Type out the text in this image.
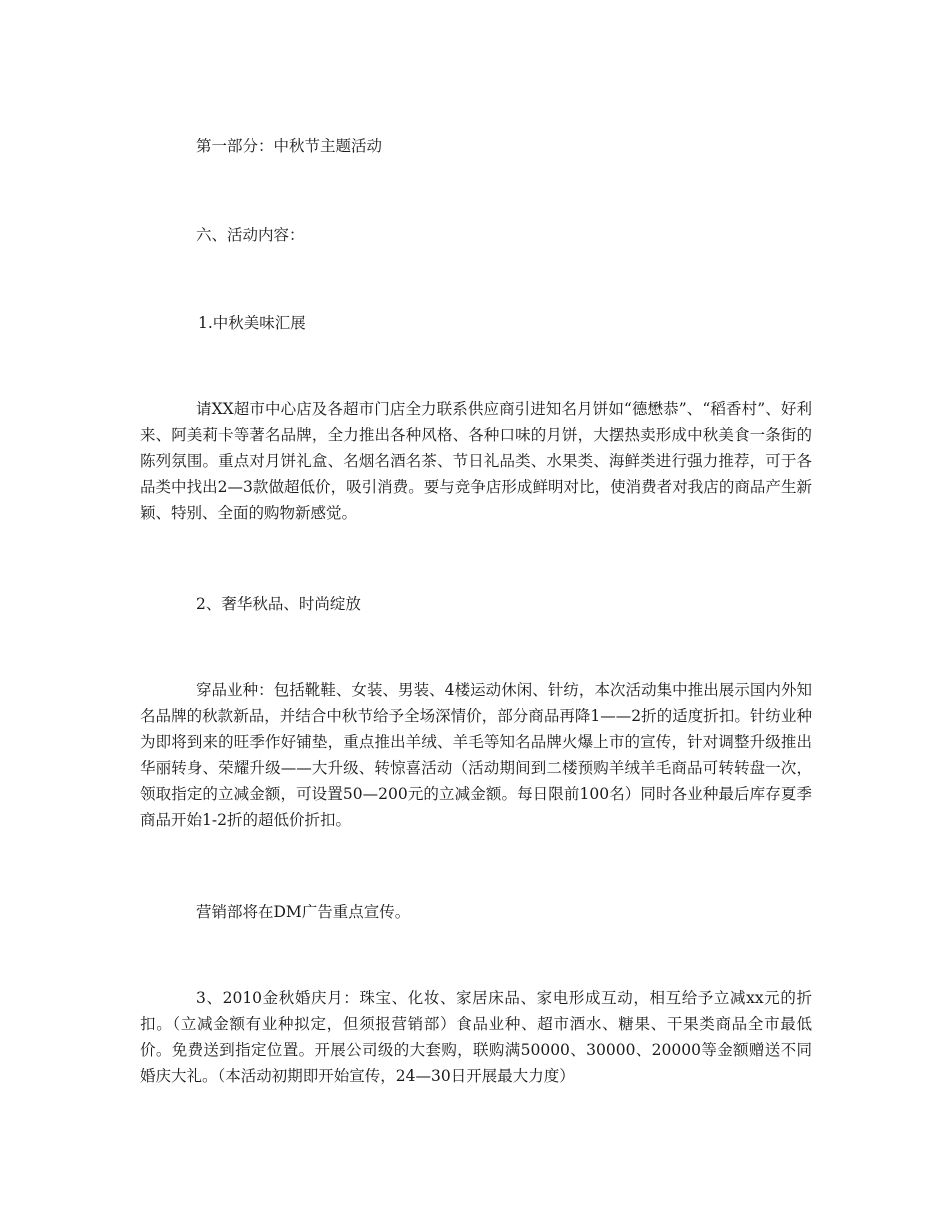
第一部分：中秋节主题活动

六、活动内容：

1.中秋美味汇展

请XX超市中心店及各超市门店全力联系供应商引进知名月饼如“德懋恭”、“稻香村”、好利来、阿美莉卡等著名品牌，全力推出各种风格、各种口味的月饼，大摆热卖形成中秋美食一条街的陈列氛围。重点对月饼礼盒、名烟名酒名茶、节日礼品类、水果类、海鲜类进行强力推荐，可于各品类中找出2—3款做超低价，吸引消费。要与竞争店形成鲜明对比，使消费者对我店的商品产生新颖、特别、全面的购物新感觉。

2、奢华秋品、时尚绽放

穿品业种：包括靴鞋、女装、男装、4楼运动休闲、针纺，本次活动集中推出展示国内外知名品牌的秋款新品，并结合中秋节给予全场深情价，部分商品再降1——2折的适度折扣。针纺业种为即将到来的旺季作好铺垫，重点推出羊绒、羊毛等知名品牌火爆上市的宣传，针对调整升级推出华丽转身、荣耀升级——大升级、转惊喜活动（活动期间到二楼预购羊绒羊毛商品可转转盘一次，领取指定的立减金额，可设置50—200元的立减金额。每日限前100名）同时各业种最后库存夏季商品开始1-2折的超低价折扣。

营销部将在DM广告重点宣传。

3、2010金秋婚庆月：珠宝、化妆、家居床品、家电形成互动，相互给予立减xx元的折扣。（立减金额有业种拟定，但须报营销部）食品业种、超市酒水、糖果、干果类商品全市最低价。免费送到指定位置。开展公司级的大套购，联购满50000、30000、20000等金额赠送不同婚庆大礼。（本活动初期即开始宣传，24—30日开展最大力度）
